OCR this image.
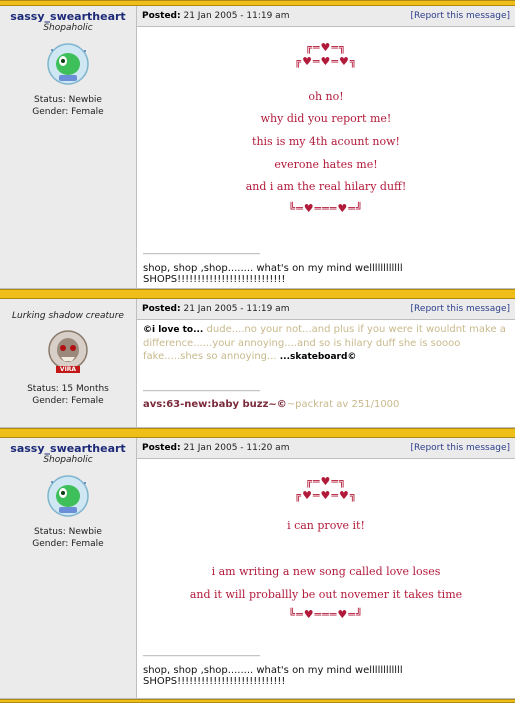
sassy_sweartheart
Shopaholic
Status: Newbie
Gender: Female
Posted: 21 Jan 2005 - 11:19 am	[Report this message]
╔═♥═╗
╔♥═♥═♥╗
oh no!
why did you report me!
this is my 4th acount now!
everone hates me!
and i am the real hilary duff!
╚═♥═══♥═╝
__________________________
shop, shop ,shop........ what's on my mind wellllllllllll
SHOPS!!!!!!!!!!!!!!!!!!!!!!!!!!!
Lurking shadow creature
VIRA
Status: 15 Months
Gender: Female
Posted: 21 Jan 2005 - 11:19 am	[Report this message]
©i love to... dude....no your not...and plus if you were it wouldnt make a difference......your annoying....and so is hilary duff she is soooo fake.....shes so annoying... ...skateboard©
__________________________
avs:63-new:baby buzz~©~packrat av 251/1000
sassy_sweartheart
Shopaholic
Status: Newbie
Gender: Female
Posted: 21 Jan 2005 - 11:20 am	[Report this message]
╔═♥═╗
╔♥═♥═♥╗
i can prove it!
i am writing a new song called love loses
and it will proballly be out novemer it takes time
╚═♥═══♥═╝
__________________________
shop, shop ,shop........ what's on my mind wellllllllllll
SHOPS!!!!!!!!!!!!!!!!!!!!!!!!!!!
